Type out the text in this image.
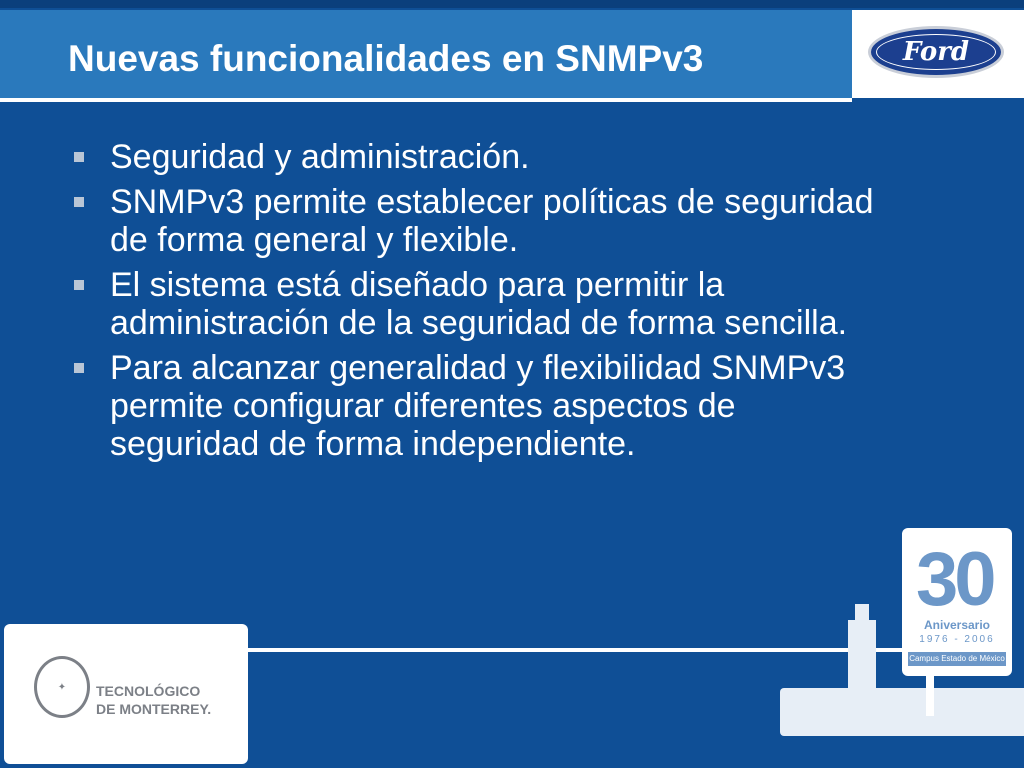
Nuevas funcionalidades en SNMPv3	Ford
Seguridad y administración.
SNMPv3 permite establecer políticas de seguridad de forma general y flexible.
El sistema está diseñado para permitir la administración de la seguridad de forma sencilla.
Para alcanzar generalidad y flexibilidad SNMPv3 permite configurar diferentes aspectos de seguridad de forma independiente.
✦	TECNOLÓGICO
DE MONTERREY.
30
Aniversario
1976 - 2006
Campus Estado de México
